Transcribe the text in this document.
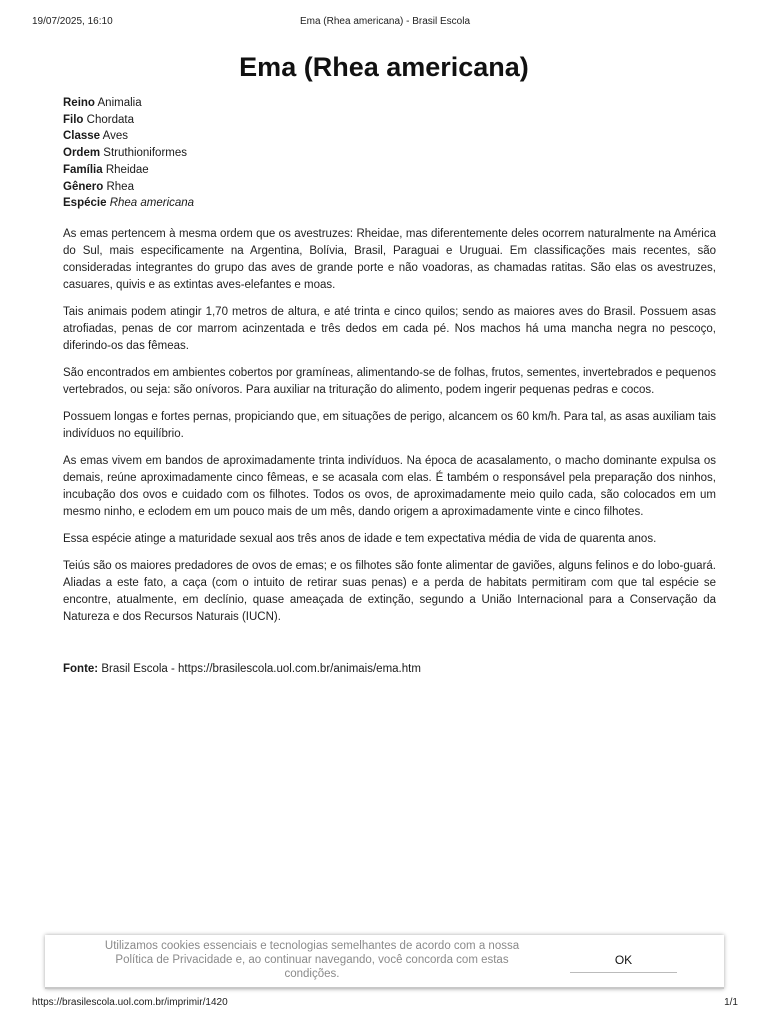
19/07/2025, 16:10	Ema (Rhea americana) - Brasil Escola
Ema (Rhea americana)
Reino Animalia
Filo Chordata
Classe Aves
Ordem Struthioniformes
Família Rheidae
Gênero Rhea
Espécie Rhea americana

As emas pertencem à mesma ordem que os avestruzes: Rheidae, mas diferentemente deles ocorrem naturalmente na América do Sul, mais especificamente na Argentina, Bolívia, Brasil, Paraguai e Uruguai. Em classificações mais recentes, são consideradas integrantes do grupo das aves de grande porte e não voadoras, as chamadas ratitas. São elas os avestruzes, casuares, quivis e as extintas aves-elefantes e moas.

Tais animais podem atingir 1,70 metros de altura, e até trinta e cinco quilos; sendo as maiores aves do Brasil. Possuem asas atrofiadas, penas de cor marrom acinzentada e três dedos em cada pé. Nos machos há uma mancha negra no pescoço, diferindo-os das fêmeas.

São encontrados em ambientes cobertos por gramíneas, alimentando-se de folhas, frutos, sementes, invertebrados e pequenos vertebrados, ou seja: são onívoros. Para auxiliar na trituração do alimento, podem ingerir pequenas pedras e cocos.

Possuem longas e fortes pernas, propiciando que, em situações de perigo, alcancem os 60 km/h. Para tal, as asas auxiliam tais indivíduos no equilíbrio.

As emas vivem em bandos de aproximadamente trinta indivíduos. Na época de acasalamento, o macho dominante expulsa os demais, reúne aproximadamente cinco fêmeas, e se acasala com elas. É também o responsável pela preparação dos ninhos, incubação dos ovos e cuidado com os filhotes. Todos os ovos, de aproximadamente meio quilo cada, são colocados em um mesmo ninho, e eclodem em um pouco mais de um mês, dando origem a aproximadamente vinte e cinco filhotes.

Essa espécie atinge a maturidade sexual aos três anos de idade e tem expectativa média de vida de quarenta anos.

Teiús são os maiores predadores de ovos de emas; e os filhotes são fonte alimentar de gaviões, alguns felinos e do lobo-guará. Aliadas a este fato, a caça (com o intuito de retirar suas penas) e a perda de habitats permitiram com que tal espécie se encontre, atualmente, em declínio, quase ameaçada de extinção, segundo a União Internacional para a Conservação da Natureza e dos Recursos Naturais (IUCN).

Fonte: Brasil Escola - https://brasilescola.uol.com.br/animais/ema.htm
Utilizamos cookies essenciais e tecnologias semelhantes de acordo com a nossa Política de Privacidade e, ao continuar navegando, você concorda com estas condições.
OK
https://brasilescola.uol.com.br/imprimir/1420	1/1
